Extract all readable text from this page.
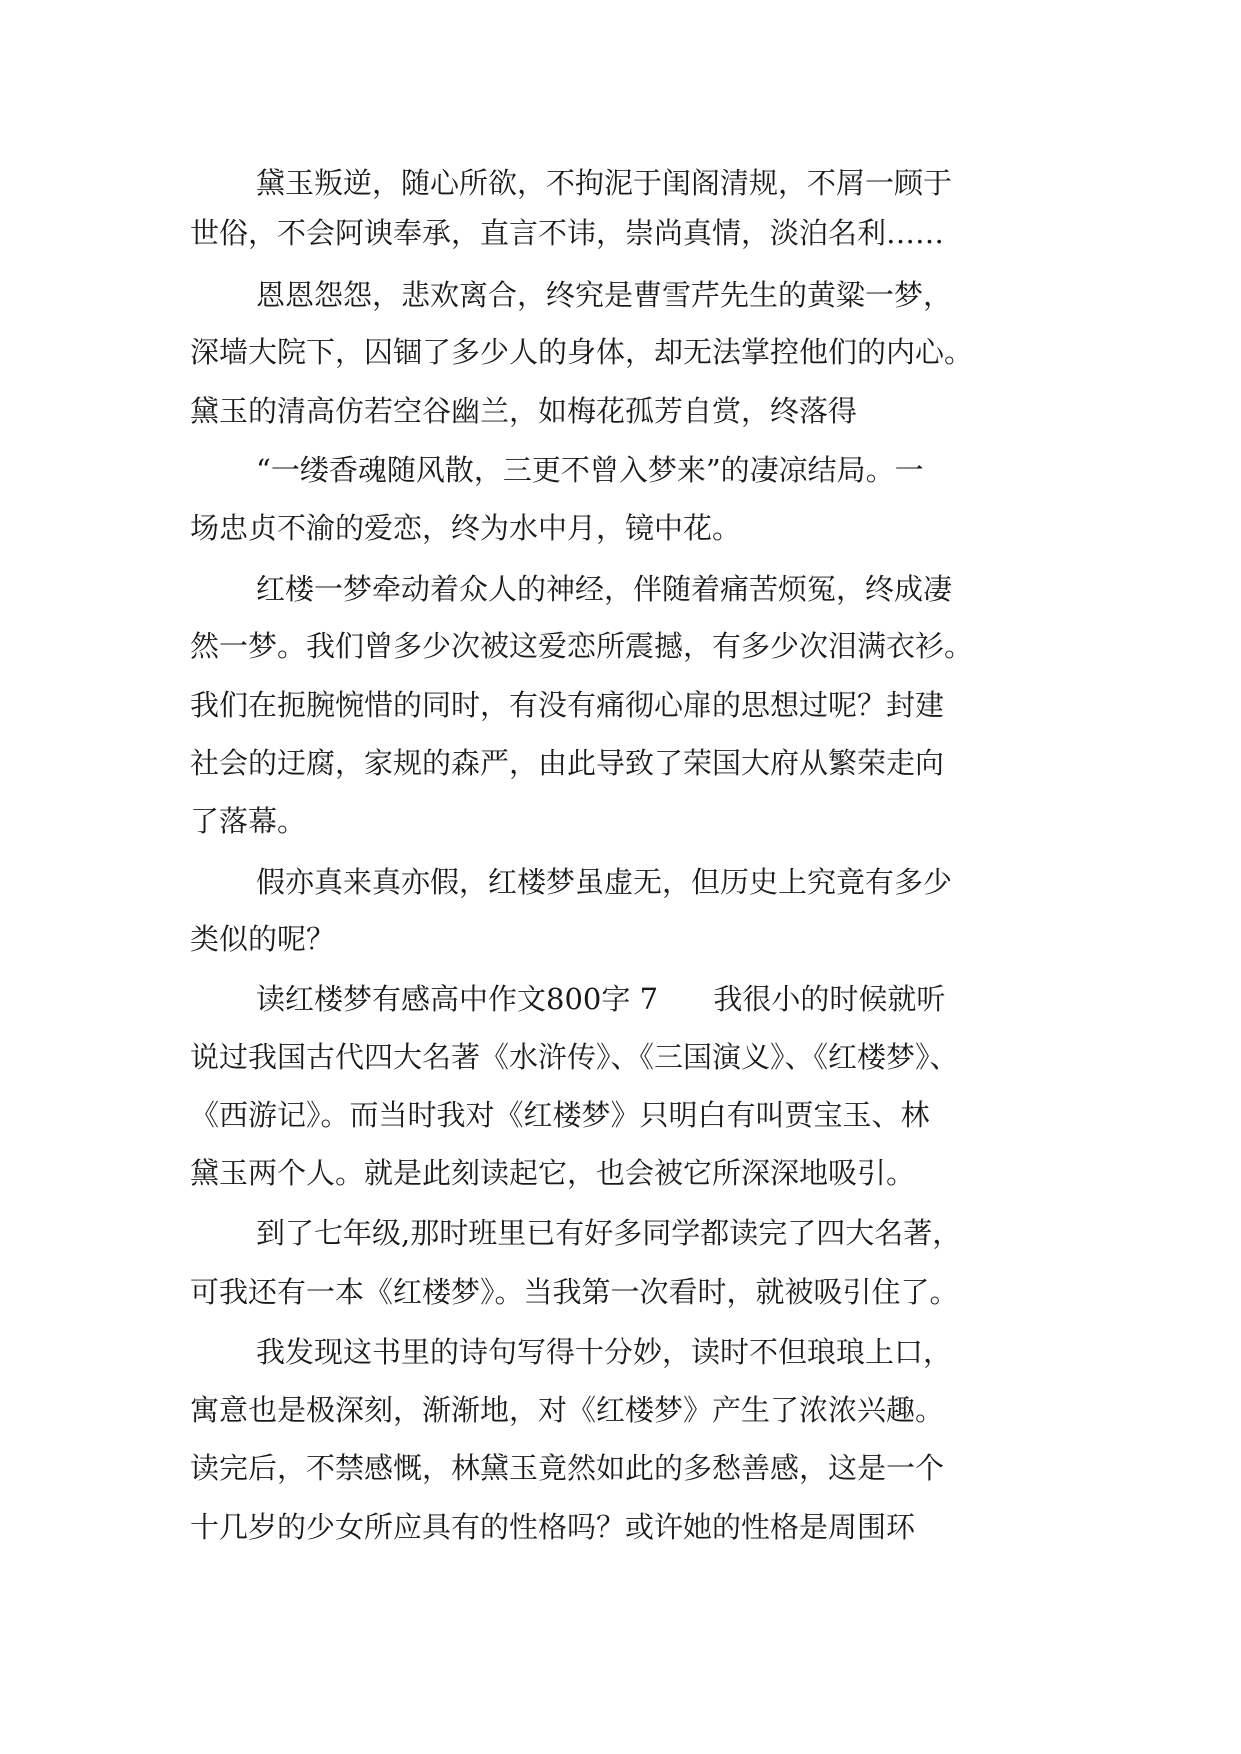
黛玉叛逆，随心所欲，不拘泥于闺阁清规，不屑一顾于
世俗，不会阿谀奉承，直言不讳，崇尚真情，淡泊名利……
恩恩怨怨，悲欢离合，终究是曹雪芹先生的黄粱一梦，
深墙大院下，囚锢了多少人的身体，却无法掌控他们的内心。
黛玉的清高仿若空谷幽兰，如梅花孤芳自赏，终落得
“一缕香魂随风散，三更不曾入梦来”的凄凉结局。一
场忠贞不渝的爱恋，终为水中月，镜中花。
红楼一梦牵动着众人的神经，伴随着痛苦烦冤，终成凄
然一梦。我们曾多少次被这爱恋所震撼，有多少次泪满衣衫。
我们在扼腕惋惜的同时，有没有痛彻心扉的思想过呢？封建
社会的迂腐，家规的森严，由此导致了荣国大府从繁荣走向
了落幕。
假亦真来真亦假，红楼梦虽虚无，但历史上究竟有多少
类似的呢？
读红楼梦有感高中作文800字 7      我很小的时候就听
说过我国古代四大名著《水浒传》、《三国演义》、《红楼梦》、
《西游记》。而当时我对《红楼梦》只明白有叫贾宝玉、林
黛玉两个人。就是此刻读起它，也会被它所深深地吸引。
到了七年级,那时班里已有好多同学都读完了四大名著，
可我还有一本《红楼梦》。当我第一次看时，就被吸引住了。
我发现这书里的诗句写得十分妙，读时不但琅琅上口，
寓意也是极深刻，渐渐地，对《红楼梦》产生了浓浓兴趣。
读完后，不禁感慨，林黛玉竟然如此的多愁善感，这是一个
十几岁的少女所应具有的性格吗？或许她的性格是周围环
